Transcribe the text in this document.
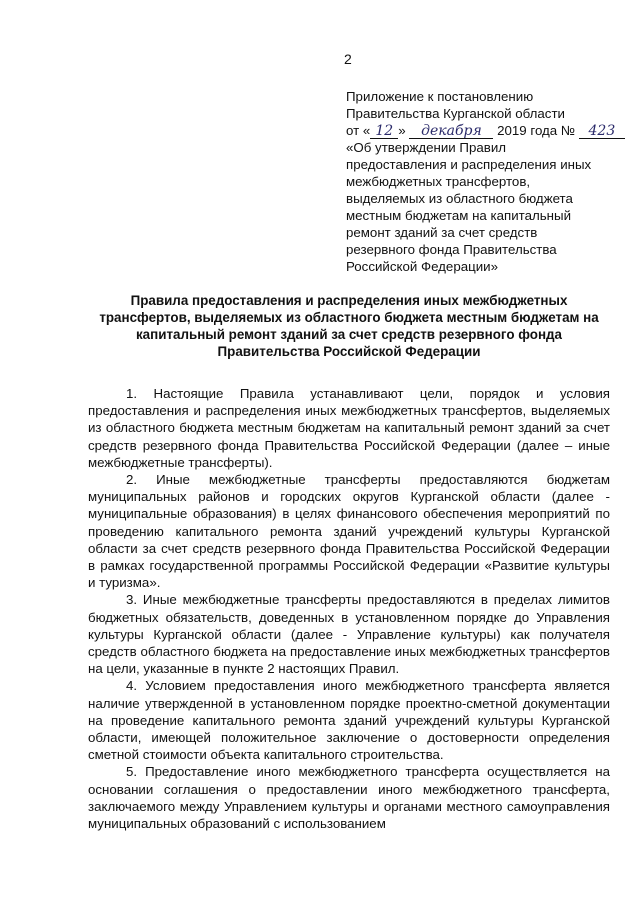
2
Приложение к постановлению
Правительства Курганской области
от « 12 » декабря 2019 года № 423
«Об утверждении Правил
предоставления и распределения иных
межбюджетных трансфертов,
выделяемых из областного бюджета
местным бюджетам на капитальный
ремонт зданий за счет средств
резервного фонда Правительства
Российской Федерации»
Правила предоставления и распределения иных межбюджетных трансфертов, выделяемых из областного бюджета местным бюджетам на капитальный ремонт зданий за счет средств резервного фонда Правительства Российской Федерации

1. Настоящие Правила устанавливают цели, порядок и условия предоставления и распределения иных межбюджетных трансфертов, выделяемых из областного бюджета местным бюджетам на капитальный ремонт зданий за счет средств резервного фонда Правительства Российской Федерации (далее – иные межбюджетные трансферты).

2. Иные межбюджетные трансферты предоставляются бюджетам муниципальных районов и городских округов Курганской области (далее - муниципальные образования) в целях финансового обеспечения мероприятий по проведению капитального ремонта зданий учреждений культуры Курганской области за счет средств резервного фонда Правительства Российской Федерации в рамках государственной программы Российской Федерации «Развитие культуры и туризма».

3. Иные межбюджетные трансферты предоставляются в пределах лимитов бюджетных обязательств, доведенных в установленном порядке до Управления культуры Курганской области (далее - Управление культуры) как получателя средств областного бюджета на предоставление иных межбюджетных трансфертов на цели, указанные в пункте 2 настоящих Правил.

4. Условием предоставления иного межбюджетного трансферта является наличие утвержденной в установленном порядке проектно-сметной документации на проведение капитального ремонта зданий учреждений культуры Курганской области, имеющей положительное заключение о достоверности определения сметной стоимости объекта капитального строительства.

5. Предоставление иного межбюджетного трансферта осуществляется на основании соглашения о предоставлении иного межбюджетного трансферта, заключаемого между Управлением культуры и органами местного самоуправления муниципальных образований с использованием
